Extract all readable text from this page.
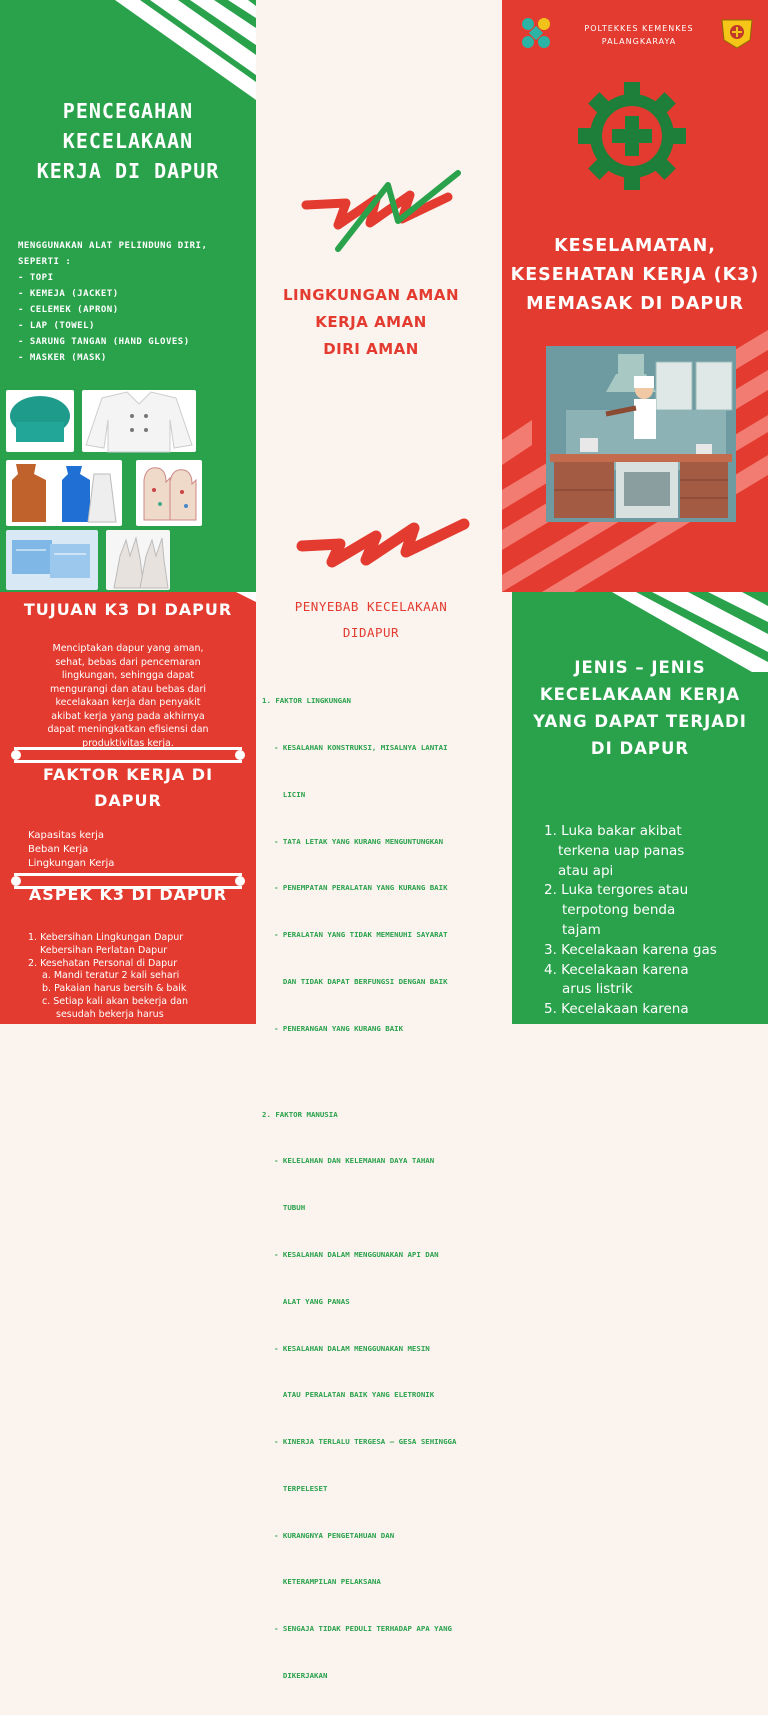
PENCEGAHAN
KECELAKAAN
KERJA DI DAPUR
MENGGUNAKAN ALAT PELINDUNG DIRI,
SEPERTI :
- TOPI
- KEMEJA (JACKET)
- CELEMEK (APRON)
- LAP (TOWEL)
- SARUNG TANGAN (HAND GLOVES)
- MASKER (MASK)
TUJUAN K3 DI DAPUR
Menciptakan dapur yang aman,
sehat, bebas dari pencemaran
lingkungan, sehingga dapat
mengurangi dan atau bebas dari
kecelakaan kerja dan penyakit
akibat kerja yang pada akhirnya
dapat meningkatkan efisiensi dan
produktivitas kerja.
FAKTOR KERJA DI
DAPUR
Kapasitas kerja
Beban Kerja
Lingkungan Kerja
ASPEK K3 DI DAPUR
1. Kebersihan Lingkungan Dapur
Kebersihan Perlatan Dapur
2. Kesehatan Personal di Dapur
a. Mandi teratur 2 kali sehari
b. Pakaian harus bersih & baik
c. Setiap kali akan bekerja dan
sesudah bekerja harus
LINGKUNGAN AMAN
KERJA AMAN
DIRI AMAN
PENYEBAB KECELAKAAN
DIDAPUR

1. FAKTOR LINGKUNGAN

- KESALAHAN KONSTRUKSI, MISALNYA LANTAI

LICIN

- TATA LETAK YANG KURANG MENGUNTUNGKAN

- PENEMPATAN PERALATAN YANG KURANG BAIK

- PERALATAN YANG TIDAK MEMENUHI SAYARAT

DAN TIDAK DAPAT BERFUNGSI DENGAN BAIK

- PENERANGAN YANG KURANG BAIK

2. FAKTOR MANUSIA

- KELELAHAN DAN KELEMAHAN DAYA TAHAN

TUBUH

- KESALAHAN DALAM MENGGUNAKAN API DAN

ALAT YANG PANAS

- KESALAHAN DALAM MENGGUNAKAN MESIN

ATAU PERALATAN BAIK YANG ELETRONIK

- KINERJA TERLALU TERGESA – GESA SEHINGGA

TERPELESET

- KURANGNYA PENGETAHUAN DAN

KETERAMPILAN PELAKSANA

- SENGAJA TIDAK PEDULI TERHADAP APA YANG

DIKERJAKAN

POLTEKKES KEMENKES
PALANGKARAYA
KESELAMATAN,
KESEHATAN KERJA (K3)
MEMASAK DI DAPUR
JENIS – JENIS
KECELAKAAN KERJA
YANG DAPAT TERJADI
DI DAPUR
1. Luka bakar akibat
terkena uap panas
atau api
2. Luka tergores atau
terpotong benda
tajam
3. Kecelakaan karena gas
4. Kecelakaan karena
arus listrik
5. Kecelakaan karena
